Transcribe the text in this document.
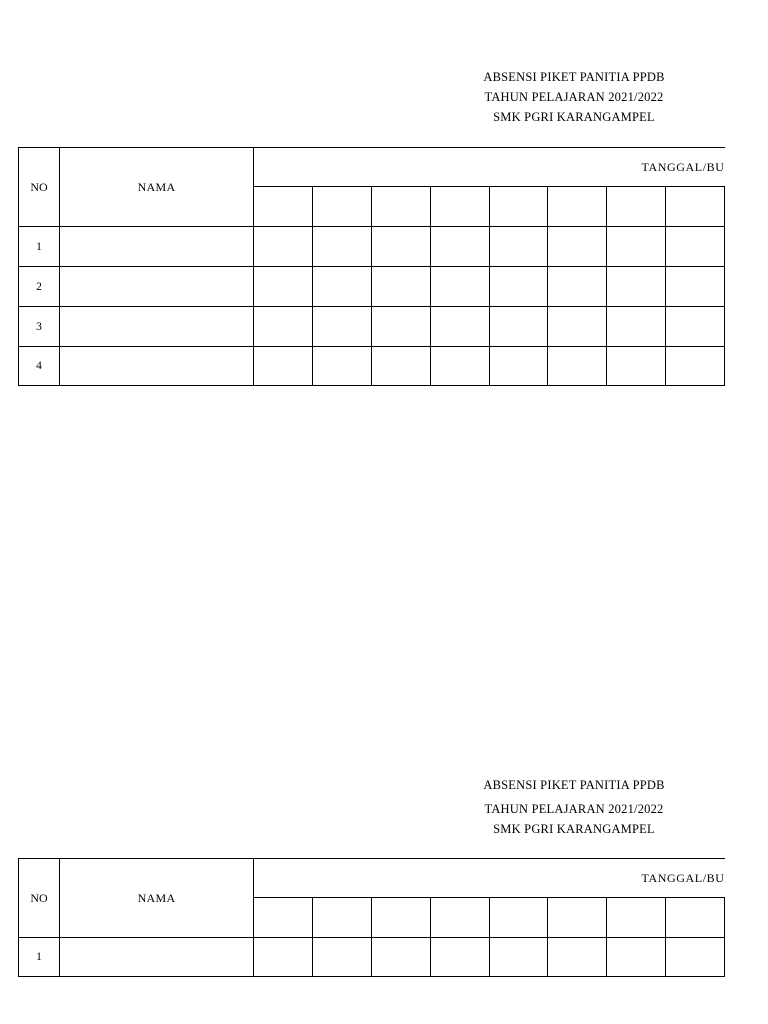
ABSENSI PIKET PANITIA PPDB
TAHUN PELAJARAN 2021/2022
SMK PGRI KARANGAMPEL
NO	NAMA	TANGGAL/BU							

1									
2									
3									
4									
ABSENSI PIKET PANITIA PPDB
TAHUN PELAJARAN 2021/2022
SMK PGRI KARANGAMPEL
NO	NAMA	TANGGAL/BU							

1									
